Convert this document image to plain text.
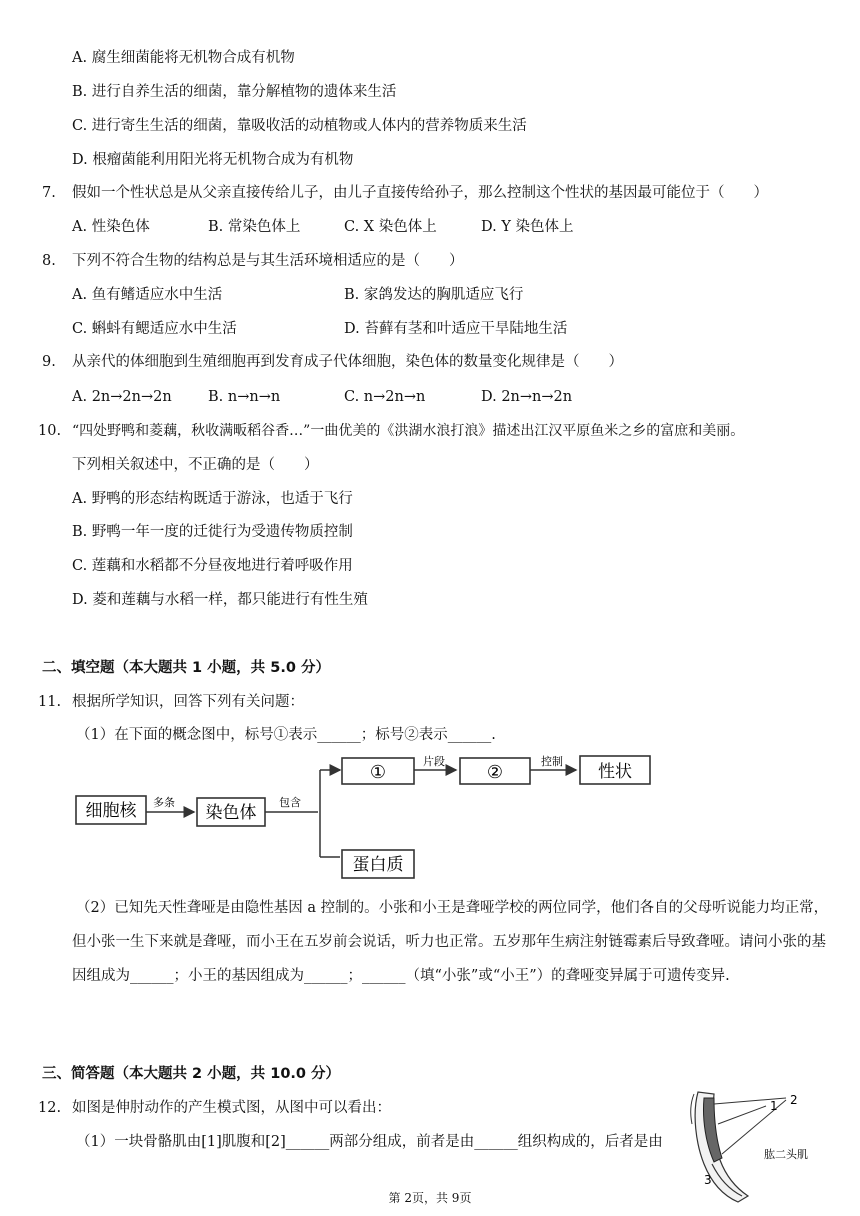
A. 腐生细菌能将无机物合成有机物
B. 进行自养生活的细菌，靠分解植物的遗体来生活
C. 进行寄生生活的细菌，靠吸收活的动植物或人体内的营养物质来生活
D. 根瘤菌能利用阳光将无机物合成为有机物
7. 假如一个性状总是从父亲直接传给儿子，由儿子直接传给孙子，那么控制这个性状的基因最可能位于（　　）
A. 性染色体	B. 常染色体上	C. X 染色体上	D. Y 染色体上
8. 下列不符合生物的结构总是与其生活环境相适应的是（　　）
A. 鱼有鳍适应水中生活	B. 家鸽发达的胸肌适应飞行
C. 蝌蚪有鳃适应水中生活	D. 苔藓有茎和叶适应干旱陆地生活
9. 从亲代的体细胞到生殖细胞再到发育成子代体细胞，染色体的数量变化规律是（　　）
A. 2n→2n→2n	B. n→n→n	C. n→2n→n	D. 2n→n→2n
10. “四处野鸭和菱藕，秋收满畈稻谷香…”一曲优美的《洪湖水浪打浪》描述出江汉平原鱼米之乡的富庶和美丽。
下列相关叙述中，不正确的是（　　）
A. 野鸭的形态结构既适于游泳，也适于飞行
B. 野鸭一年一度的迁徙行为受遗传物质控制
C. 莲藕和水稻都不分昼夜地进行着呼吸作用
D. 菱和莲藕与水稻一样，都只能进行有性生殖
二、填空题（本大题共 1 小题，共 5.0 分）
11. 根据所学知识，回答下列有关问题：
（1）在下面的概念图中，标号①表示______；标号②表示______.
细胞核 多条
染色体
包含
①
片段
②
控制
性状
蛋白质
（2）已知先天性聋哑是由隐性基因 a 控制的。小张和小王是聋哑学校的两位同学，他们各自的父母听说能力均正常，但小张一生下来就是聋哑，而小王在五岁前会说话，听力也正常。五岁那年生病注射链霉素后导致聋哑。请问小张的基因组成为______；小王的基因组成为______；______（填“小张”或“小王”）的聋哑变异属于可遗传变异.
三、简答题（本大题共 2 小题，共 10.0 分）
12. 如图是伸肘动作的产生模式图，从图中可以看出：
（1）一块骨骼肌由[1]肌腹和[2]______两部分组成，前者是由______组织构成的，后者是由
1 2
3
肱二头肌
第 2页，共 9页
